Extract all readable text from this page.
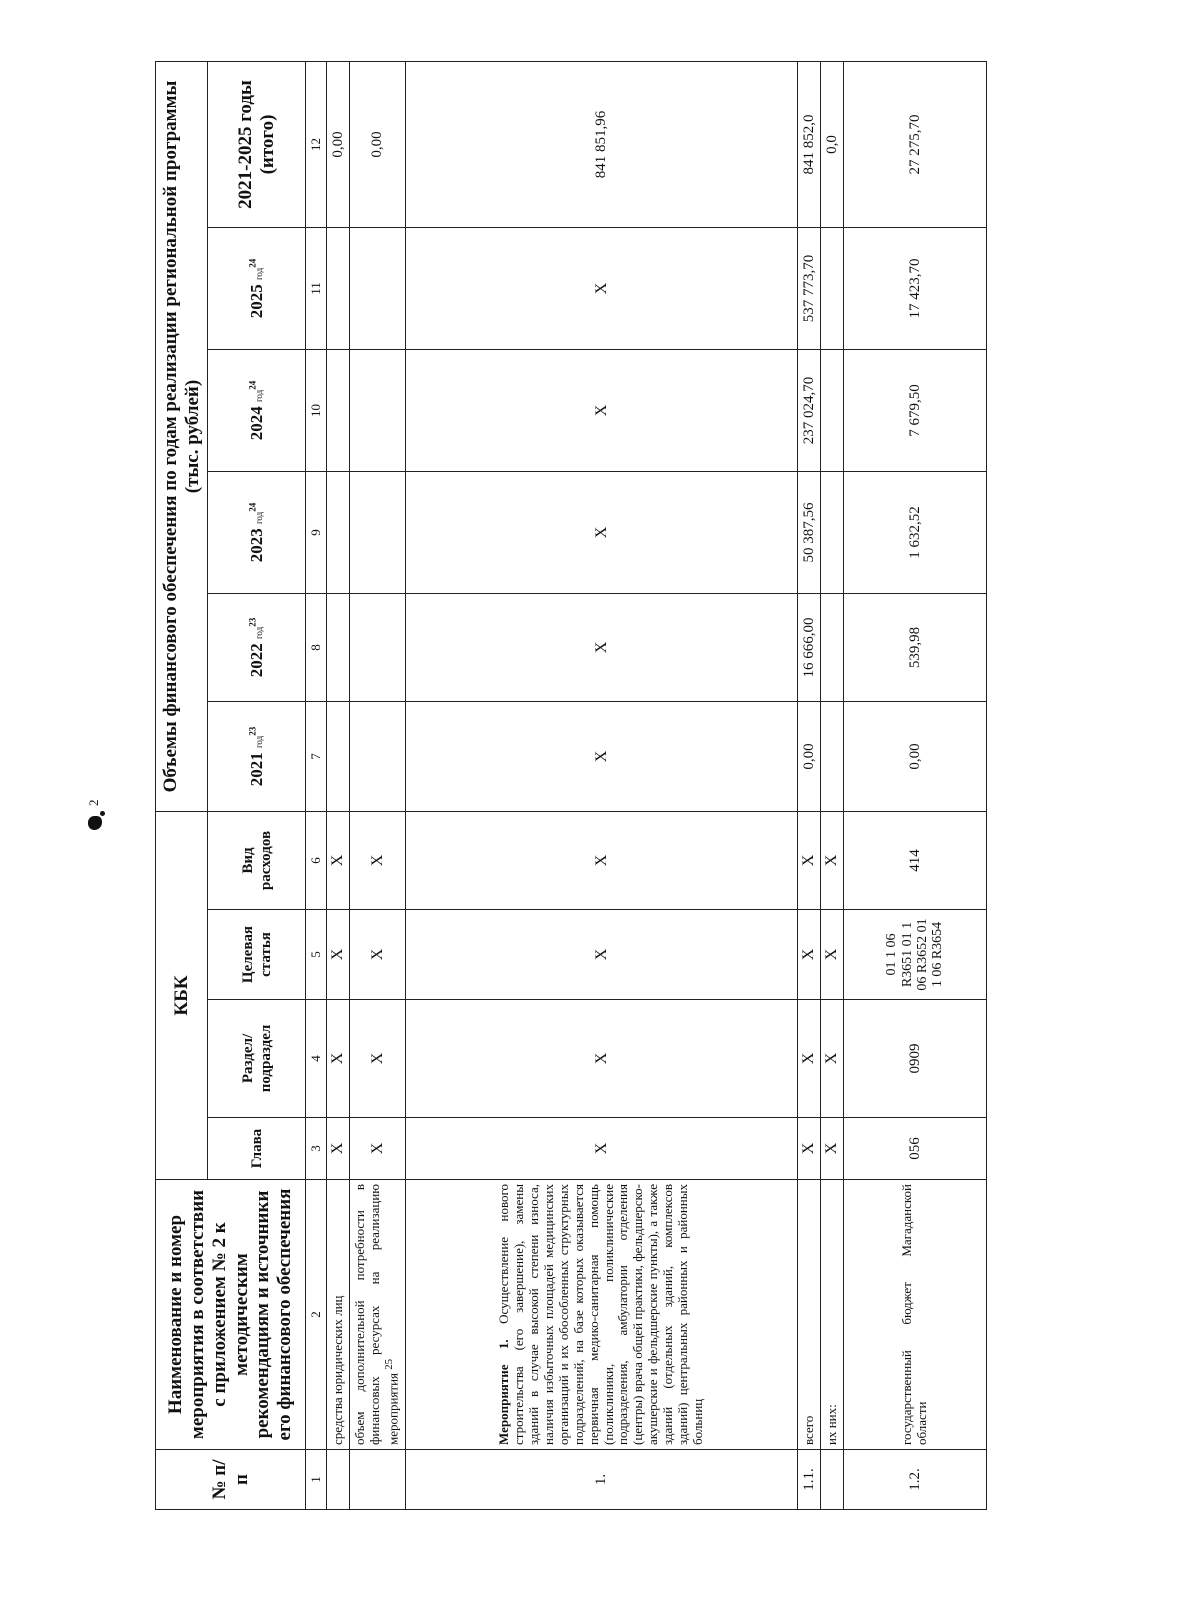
2
№ п/п	Наименование и номер мероприятия в соответствии с приложением № 2 к методическим рекомендациям и источники его финансового обеспечения	КБК				Объемы финансового обеспечения по годам реализации региональной программы (тыс. рублей)					
		Глава	Раздел/ подраздел	Целевая статья	Вид расходов	2021 год$^{23}$	2022 год$^{23}$	2023 год$^{24}$	2024 год$^{24}$	2025 год$^{24}$	2021-2025 годы (итого)
1	2	3	4	5	6	7	8	9	10	11	12
	средства юридических лиц	Х	Х	Х	Х						0,00
	объем дополнительной потребности в финансовых ресурсах на реализацию мероприятия $^{25}$	Х	Х	Х	Х						0,00
1.	Мероприятие 1. Осуществление нового строительства (его завершение), замены зданий в случае высокой степени износа, наличия избыточных площадей медицинских организаций и их обособленных структурных подразделений, на базе которых оказывается первичная медико-санитарная помощь (поликлиники, поликлинические подразделения, амбулатории отделения (центры) врача общей практики, фельдшерско-акушерские и фельдшерские пункты), а также зданий (отдельных зданий, комплексов зданий) центральных районных и районных больниц	Х	Х	Х	Х	Х	Х	Х	Х	Х	841 851,96
1.1.	всего	Х	Х	Х	Х	0,00	16 666,00	50 387,56	237 024,70	537 773,70	841 852,0
	их них:	Х	Х	Х	Х						0,0
1.2.	государственный бюджет Магаданской области	056	0909	01 1 06 R3651 01 1 06 R3652 01 1 06 R3654	414	0,00	539,98	1 632,52	7 679,50	17 423,70	27 275,70
